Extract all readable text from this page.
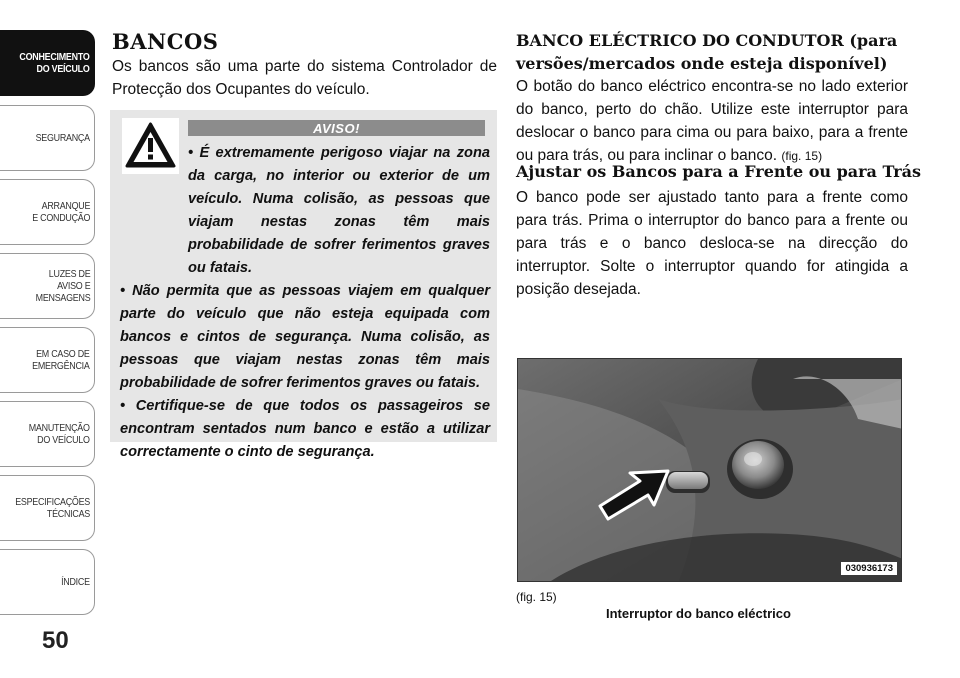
CONHECIMENTO
DO VEÍCULO
SEGURANÇA
ARRANQUE
E CONDUÇÃO
LUZES DE
AVISO E
MENSAGENS
EM CASO DE
EMERGÊNCIA
MANUTENÇÃO
DO VEÍCULO
ESPECIFICAÇÕES
TÉCNICAS
ÍNDICE
50
BANCOS
Os bancos são uma parte do sistema Controlador de Protecção dos Ocupantes do veículo.
AVISO!

• É extremamente perigoso viajar na zona da carga, no interior ou exterior de um veículo. Numa colisão, as pessoas que viajam nestas zonas têm mais probabilidade de sofrer ferimentos graves ou fatais.

• Não permita que as pessoas viajem em qualquer parte do veículo que não esteja equipada com bancos e cintos de segurança. Numa colisão, as pessoas que viajam nestas zonas têm mais probabilidade de sofrer ferimentos graves ou fatais.

• Certifique-se de que todos os passageiros se encontram sentados num banco e estão a utilizar correctamente o cinto de segurança.

BANCO ELÉCTRICO DO CONDUTOR (para versões/mercados onde esteja disponível)
O botão do banco eléctrico encontra-se no lado exterior do banco, perto do chão. Utilize este interruptor para deslocar o banco para cima ou para baixo, para a frente ou para trás, ou para inclinar o banco. (fig. 15)
Ajustar os Bancos para a Frente ou para Trás
O banco pode ser ajustado tanto para a frente como para trás. Prima o interruptor do banco para a frente ou para trás e o banco desloca-se na direcção do interruptor. Solte o interruptor quando for atingida a posição desejada.
030936173
(fig. 15)
Interruptor do banco eléctrico
